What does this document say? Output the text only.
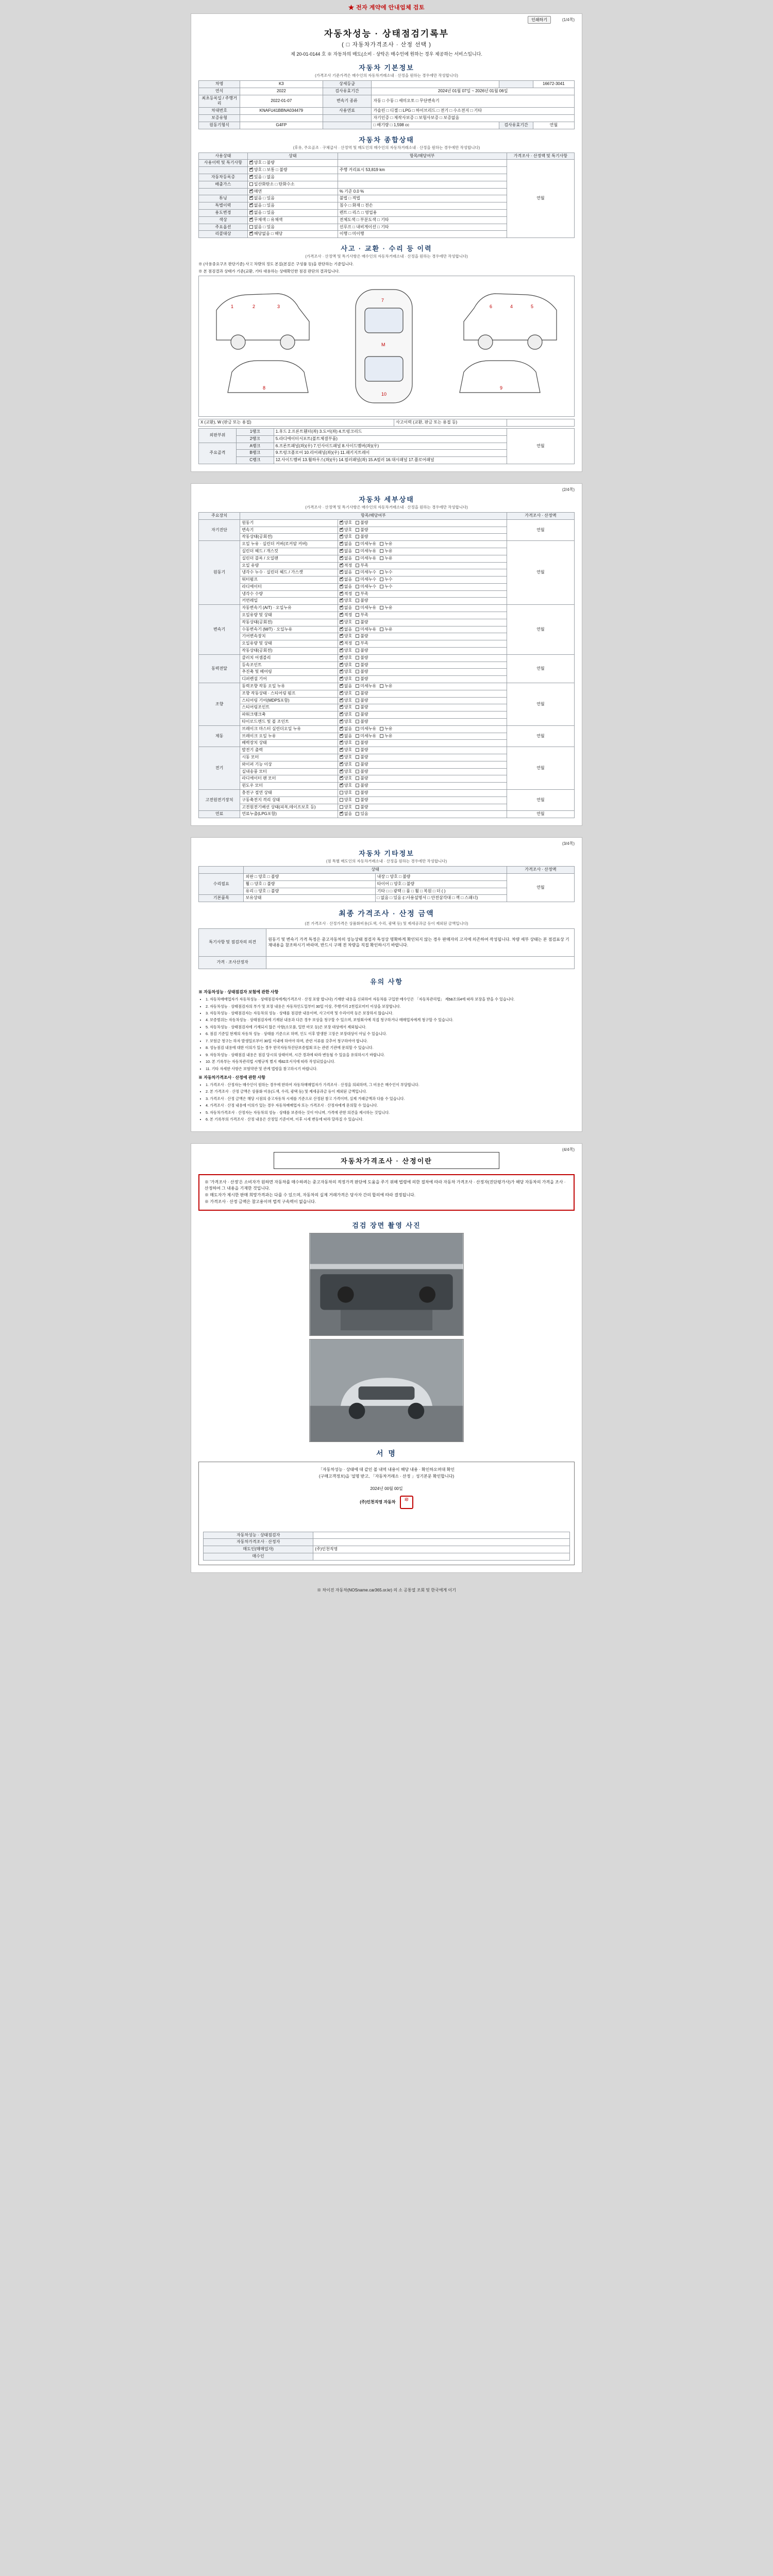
★ 전자 계약에 안내업체 검토
인쇄하기	(1/4쪽)
자동차성능 · 상태점검기록부
( □ 자동차가격조사 · 산정 선택 )
제 20-01-0144 호 ※ 자동차의 매도(소비 · 상탁은 매수인에 원하는 경우 제공하는 서비스입니다.
자동차 기본정보
(가격조사 기준가격은 매수인의 자동차거래소내 · 산정을 원하는 경우에만 작성합니다)
차명	K3	상세등급			16672-3041
연식	2022	검사유효기간	2024년 01월 07일 ~ 2026년 01월 06일		
최초등록일 / 주행거리	2022-01-07	변속기 종류	자동 □ 수동 □ 세미오토 □ 무단변속기		
차대번호	KNAFU41BBNA034479	사용연료	가솔린 □ 디젤 □ LPG □ 하이브리드 □ 전기 □ 수소전지 □ 기타		
보증유형			자기인증 □ 제작사보증 □ 보험사보증 □ 보증없음		
원동기형식	G4FP		□ 배기량 □ 1,598 cc	검사유효기간	연월
자동차 종합상태
(후유, 주요골조 · 구체급사 · 산정역 및 매도인의 매수인의 자동차거래소내 · 산정을 원하는 경우에만 작성합니다)
사용상태	상태	항목/해당여부	가격조사 · 산정액 및 특기사항
사용이력 및 특기사항	✔양호 □ 불량		연월
	✔양호 □ 보통 □ 불량	주행 거리표시 53,819 km	
자동차등록증	✔있음 □ 없음	
배출가스	일산화탄소 □ 탄화수소		
	✔매연	% 기준 0.0 %	
튜닝	✔없음 □ 있음	불법 □ 적법	
특별이력	✔없음 □ 있음	침수 □ 화재 □ 전손	
용도변경	✔없음 □ 있음	렌트 □ 리스 □ 영업용	
색상	✔무채색 □ 유채색	전체도색 □ 부분도색 □ 기타	
주요옵션	없음 □ 있음	선루프 □ 내비게이션 □ 기타	
리콜대상	✔해당없음 □ 해당	이행 □ 미이행	
사고 · 교환 · 수리 등 이력
(가격조사 · 산정액 및 특기사항은 매수인의 자동차거래소내 · 산정을 원하는 경우에만 작성합니다)
※ (사용중요구조 판단기준) 사고 차량의 정도 본질(본질은 구성품 등)을 판단하는 기준입니다.
※ 본 점검결과 상태가 기준(교환, 기타 대용하는 상태확인한 점검 판단의 결과입니다.
1	2	3
7
M
10
4	5
6
8	9
X (교환), W (판금 또는 용접)	사고이력 (교환, 판금 또는 용접 등)	
외판부위	1랭크	1.후드 2.프론트휀더(좌) 3.도어(좌) 4.트렁크리드	연월
	2랭크	5.라디에이터서포트(볼트체결부품)	
주요골격	A랭크	6.프론트패널(좌)(우) 7.인사이드패널 8.사이드멤버(좌)(우)	
	B랭크	9.트렁크플로어 10.리어패널(좌)(우) 11.패키지트레이	
	C랭크	12.사이드멤버 13.휠하우스(좌)(우) 14.필러패널(좌) 15.A필러 16.대시패널 17.플로어패널	
(2/4쪽)
자동차 세부상태
(가격조사 · 산정액 및 특기사항은 매수인의 자동차거래소내 · 산정을 원하는 경우에만 작성합니다)
주요장치	항목/해당여부		가격조사 · 산정액
자기진단	원동기	✔양호 불량	연월
	변속기	✔양호 불량
	작동상태(공회전)	✔양호 불량
원동기	오일 누유 · 실린더 커버(로커암 커버)	✔없음 미세누유 누유	연월
	실린더 헤드 / 개스킷	✔없음 미세누유 누유
	실린더 블록 / 오일팬	✔없음 미세누유 누유
	오일 유량	✔적정 부족
	냉각수 누수 · 실린더 헤드 / 가스켓	✔없음 미세누수 누수
	워터펌프	✔없음 미세누수 누수
	라디에이터	✔없음 미세누수 누수
	냉각수 수량	✔적정 부족
	커먼레일	✔양호 불량
변속기	자동변속기 (A/T) · 오일누유	✔없음 미세누유 누유	연월
	오일유량 및 상태	✔적정 부족
	작동상태(공회전)	✔양호 불량
	수동변속기 (M/T) · 오일누유	✔없음 미세누유 누유
	기어변속장치	✔양호 불량
	오일유량 및 상태	✔적정 부족
	작동상태(공회전)	✔양호 불량
동력전달	클러치 어셈블리	✔양호 불량	연월
	등속조인트	✔양호 불량
	추진축 및 베어링	✔양호 불량
	디퍼렌셜 기어	✔양호 불량
조향	동력조향 작동 오일 누유	✔없음 미세누유 누유	연월
	조향 작동상태 · 스티어링 펌프	✔양호 불량
	스티어링 기어(MDPS포함)	✔양호 불량
	스티어링조인트	✔양호 불량
	파워크랭크축	✔양호 불량
	타이로드엔드 및 볼 조인트	✔양호 불량
제동	브레이크 마스터 실린더오일 누유	✔없음 미세누유 누유	연월
	브레이크 오일 누유	✔없음 미세누유 누유
	배력장치 상태	✔양호 불량
전기	발전기 출력	✔양호 불량	연월
	시동 모터	✔양호 불량
	와이퍼 기능 이상	✔양호 불량
	실내송풍 모터	✔양호 불량
	라디에이터 팬 모터	✔양호 불량
	윈도우 모터	✔양호 불량
고전원전기장치	충전구 절연 상태	양호 불량	연월
	구동축전지 격리 상태	양호 불량	
	고전원전기배선 상태(피복,테이프보호 등)	양호 불량	
연료	연료누출(LPG포함)	✔없음 있음	연월
(3/4쪽)
자동차 기타정보
(점 특별 매도인의 자동차거래소내 · 산정을 원하는 경우에만 작성합니다)
	상태		가격조사 · 산정액
수리필요	외판 □ 양호 □ 불량	내장 □ 양호 □ 불량	연월
	휠 □ 양호 □ 불량	타이어 □ 양호 □ 불량	
	유리 □ 양호 □ 불량	기타 □ □ 광택 □ 룸 □ 휠 □ 복원 □ 더 ( )	
기본품목	보유상태	□ 없음 □ 있음 (□사용설명서 □ 안전삼각대 □ 잭 □ 스패너)	
최종 가격조사 · 산정 금액
(본 가격조사 · 산정가격은 상품화비용(도색, 수리, 광택 등) 및 제세공과금 등이 제외된 금액입니다)
특기사항 및 점검자의 의견	원동기 및 변속기 가격 특정은 중고자동차의 성능상태 점검자 특성상 명확하게 확인되지 않는 경우 판매자의 고지에 의존하여 작성됩니다. 차량 세부 상태는 본 점검표상 기재내용을 참조하시기 바라며, 반드시 구매 전 차량을 직접 확인하시기 바랍니다.
가격 · 조사산정자	
유의 사항
※ 자동차성능 · 상태점검자 보험에 관한 사항
• 1. 자동차매매업자가 자동차성능 · 상태점검자에게(가격조사 · 산정 포함 합니다) 기재한 내용을 신뢰하여 자동차를 구입한 매수인은 「자동차관리법」 제58조의4에 따라 보장을 받을 수 있습니다.
• 2. 자동차성능 · 상태점검자의 부가 및 보장 내용은 자동차인도일부터 30일 이상, 주행거리 2천킬로미터 이상을 보장합니다.
• 3. 자동차성능 · 상태점검자는 자동차의 성능 · 상태를 점검한 내용이며, 사고이력 및 수리이력 등은 보장하지 않습니다.
• 4. 보증범위는 자동차성능 · 상태점검자에 기재된 내용과 다른 경우 보상을 청구할 수 있으며, 보험회사에 직접 청구하거나 매매업자에게 청구할 수 있습니다.
• 5. 자동차성능 · 상태점검자에 기재되지 않은 사항(소모품, 일반 마모 등)은 보장 대상에서 제외됩니다.
• 6. 점검 기준일 현재의 자동차 성능 · 상태를 기준으로 하며, 인도 이후 발생한 고장은 보장대상이 아닐 수 있습니다.
• 7. 보험금 청구는 하자 발생일로부터 30일 이내에 하여야 하며, 관련 서류를 갖추어 청구하여야 합니다.
• 8. 성능점검 내용에 대한 이의가 있는 경우 한국자동차진단보증협회 또는 관련 기관에 문의할 수 있습니다.
• 9. 자동차성능 · 상태점검 내용은 점검 당시의 상태이며, 시간 경과에 따라 변동될 수 있음을 유의하시기 바랍니다.
• 10. 본 기록부는 자동차관리법 시행규칙 별지 제82호서식에 따라 작성되었습니다.
• 11. 기타 자세한 사항은 보험약관 및 관계 법령을 참고하시기 바랍니다.
※ 자동차가격조사 · 산정에 관한 사항
• 1. 가격조사 · 산정자는 매수인이 원하는 경우에 한하여 자동차매매업자가 가격조사 · 산정을 의뢰하며, 그 비용은 매수인이 부담합니다.
• 2. 본 가격조사 · 산정 금액은 상품화 비용(도색, 수리, 광택 등) 및 제세공과금 등이 제외된 금액입니다.
• 3. 가격조사 · 산정 금액은 해당 시점의 중고자동차 시세를 기준으로 산정된 참고 가격이며, 실제 거래금액과 다를 수 있습니다.
• 4. 가격조사 · 산정 내용에 이의가 있는 경우 자동차매매업자 또는 가격조사 · 산정자에게 문의할 수 있습니다.
• 5. 자동차가격조사 · 산정자는 자동차의 성능 · 상태를 보증하는 것이 아니며, 가격에 관한 의견을 제시하는 것입니다.
• 6. 본 기록부의 가격조사 · 산정 내용은 산정일 기준이며, 이후 시세 변동에 따라 달라질 수 있습니다.
(4/4쪽)
자동차가격조사 · 산정이란
※ '가격조사 · 산정'은 소비자가 원하면 자동차를 매수하려는 중고자동차의 적정가격 판단에 도움을 주기 위해 법령에 의한 절차에 따라 자동차 가격조사 · 산정자(진단평가사)가 해당 자동차의 가격을 조사 · 산정하여 그 내용을 기재한 것입니다.
※ 매도자가 제시한 판매 희망가격과는 다를 수 있으며, 자동차의 실제 거래가격은 당사자 간의 합의에 따라 결정됩니다.
※ 가격조사 · 산정 금액은 참고용이며 법적 구속력이 없습니다.
검검 장면 촬영 사진
서 명
「자동차성능 · 상태에 대 같인 볼 내역 내용이 해당 내용 · 확인하오며대 확인
(구매고객정보)을 '설명 받고, 「자동차거래소 · 산정 」성기본문 확인합니다)
2024년 00월 00일
(주)인천직영 자동차	印
자동차성능 · 상태점검자	
자동차가격조사 · 산정자	
매도인(매매업자)	(주)인천직영
매수인	
※ 차이진 자동차(NOSname.car365.or.kr) 의 소 공통열 조회 및 한국에게 이기
